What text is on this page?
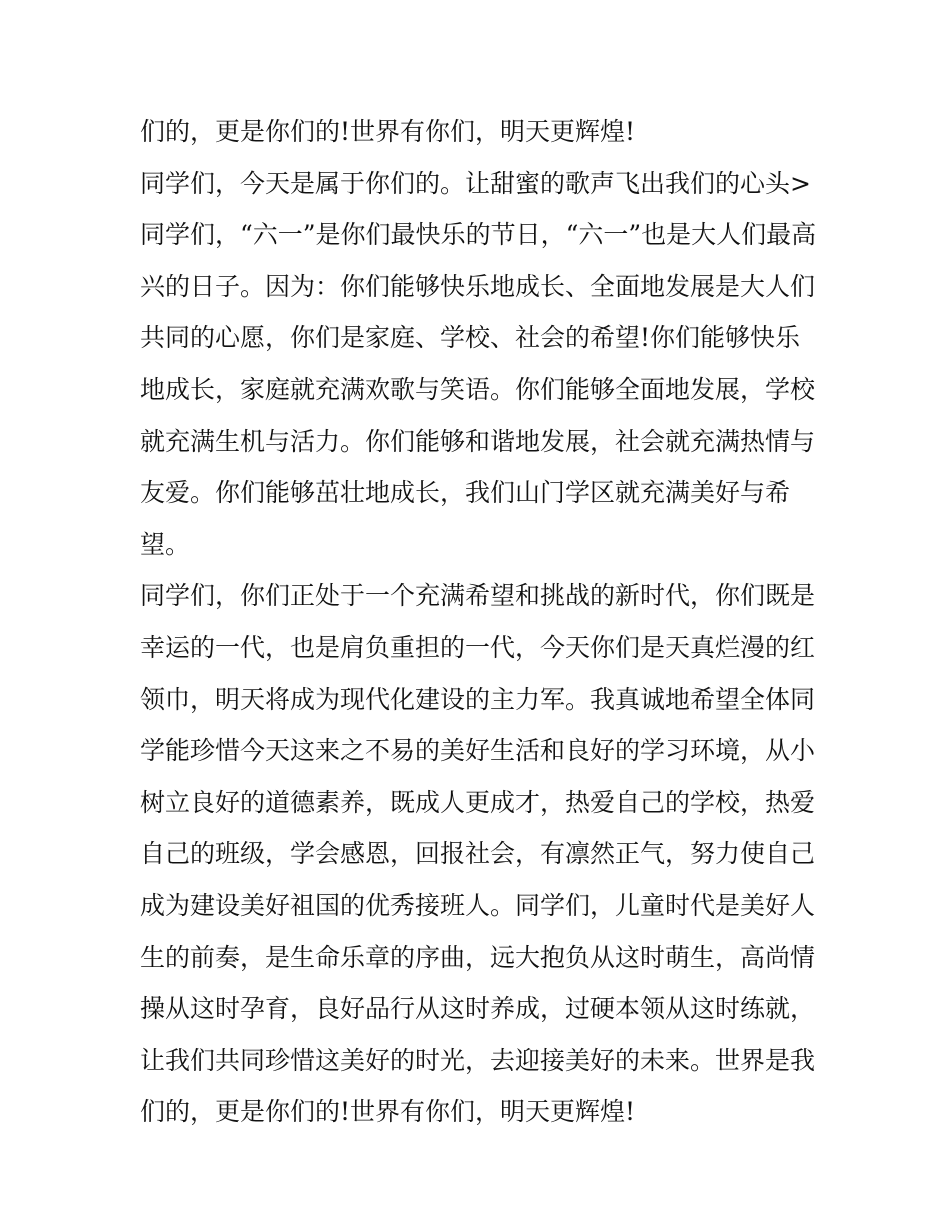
们的，更是你们的!世界有你们，明天更辉煌!
同学们，今天是属于你们的。让甜蜜的歌声飞出我们的心头>
同学们，“六一”是你们最快乐的节日，“六一”也是大人们最高
兴的日子。因为：你们能够快乐地成长、全面地发展是大人们
共同的心愿，你们是家庭、学校、社会的希望!你们能够快乐
地成长，家庭就充满欢歌与笑语。你们能够全面地发展，学校
就充满生机与活力。你们能够和谐地发展，社会就充满热情与
友爱。你们能够茁壮地成长，我们山门学区就充满美好与希
望。
同学们，你们正处于一个充满希望和挑战的新时代，你们既是
幸运的一代，也是肩负重担的一代，今天你们是天真烂漫的红
领巾，明天将成为现代化建设的主力军。我真诚地希望全体同
学能珍惜今天这来之不易的美好生活和良好的学习环境，从小
树立良好的道德素养，既成人更成才，热爱自己的学校，热爱
自己的班级，学会感恩，回报社会，有凛然正气，努力使自己
成为建设美好祖国的优秀接班人。同学们，儿童时代是美好人
生的前奏，是生命乐章的序曲，远大抱负从这时萌生，高尚情
操从这时孕育，良好品行从这时养成，过硬本领从这时练就，
让我们共同珍惜这美好的时光，去迎接美好的未来。世界是我
们的，更是你们的!世界有你们，明天更辉煌!
